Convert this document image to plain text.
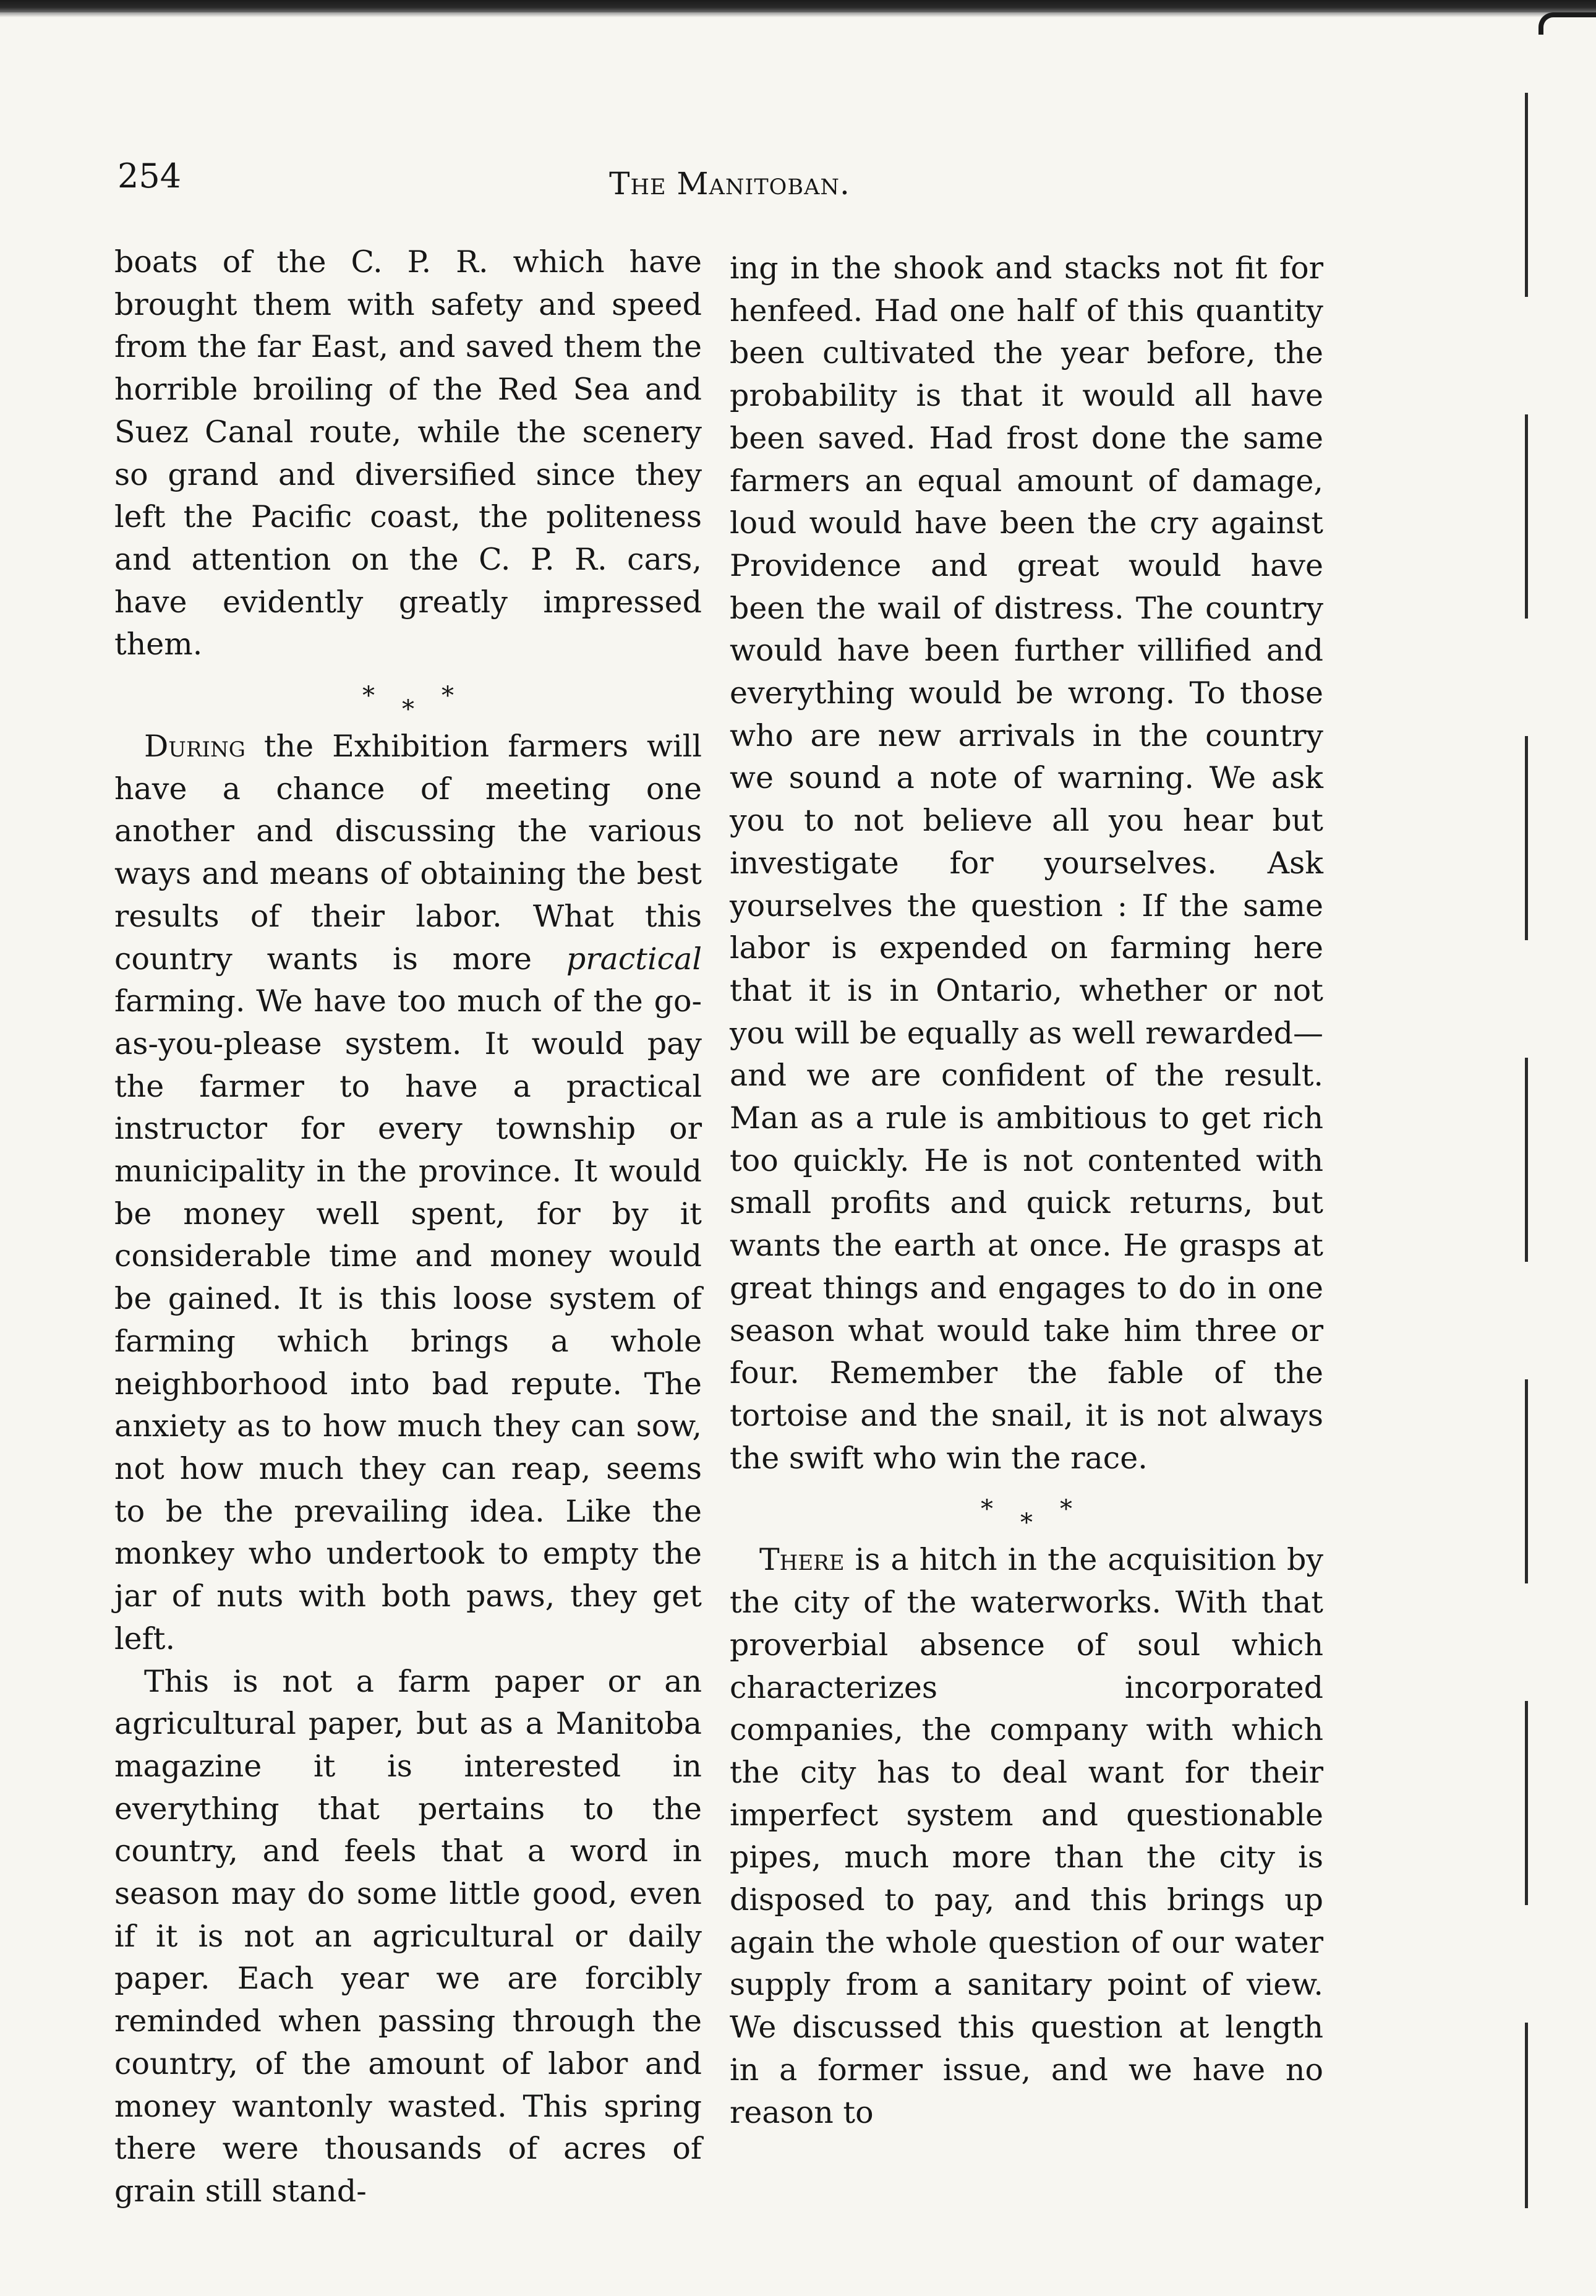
254	The Manitoban.

boats of the C. P. R. which have brought them with safety and speed from the far East, and saved them the horrible broiling of the Red Sea and Suez Canal route, while the scenery so grand and diversified since they left the Pacific coast, the politeness and attention on the C. P. R. cars, have evidently greatly impressed them.

* * *

During the Exhibition farmers will have a chance of meeting one another and discussing the various ways and means of obtaining the best results of their labor. What this country wants is more practical farming. We have too much of the go-as-you-please system. It would pay the farmer to have a practical instructor for every township or municipality in the province. It would be money well spent, for by it considerable time and money would be gained. It is this loose system of farming which brings a whole neighborhood into bad repute. The anxiety as to how much they can sow, not how much they can reap, seems to be the prevailing idea. Like the monkey who undertook to empty the jar of nuts with both paws, they get left.

This is not a farm paper or an agricultural paper, but as a Manitoba magazine it is interested in everything that pertains to the country, and feels that a word in season may do some little good, even if it is not an agricultural or daily paper. Each year we are forcibly reminded when passing through the country, of the amount of labor and money wantonly wasted. This spring there were thousands of acres of grain still stand-

ing in the shook and stacks not fit for henfeed. Had one half of this quantity been cultivated the year before, the probability is that it would all have been saved. Had frost done the same farmers an equal amount of damage, loud would have been the cry against Providence and great would have been the wail of distress. The country would have been further villified and everything would be wrong. To those who are new arrivals in the country we sound a note of warning. We ask you to not believe all you hear but investigate for yourselves. Ask yourselves the question : If the same labor is expended on farming here that it is in Ontario, whether or not you will be equally as well rewarded—and we are confident of the result. Man as a rule is ambitious to get rich too quickly. He is not contented with small profits and quick returns, but wants the earth at once. He grasps at great things and engages to do in one season what would take him three or four. Remember the fable of the tortoise and the snail, it is not always the swift who win the race.

* * *

There is a hitch in the acquisition by the city of the waterworks. With that proverbial absence of soul which characterizes incorporated companies, the company with which the city has to deal want for their imperfect system and questionable pipes, much more than the city is disposed to pay, and this brings up again the whole question of our water supply from a sanitary point of view. We discussed this question at length in a former issue, and we have no reason to
